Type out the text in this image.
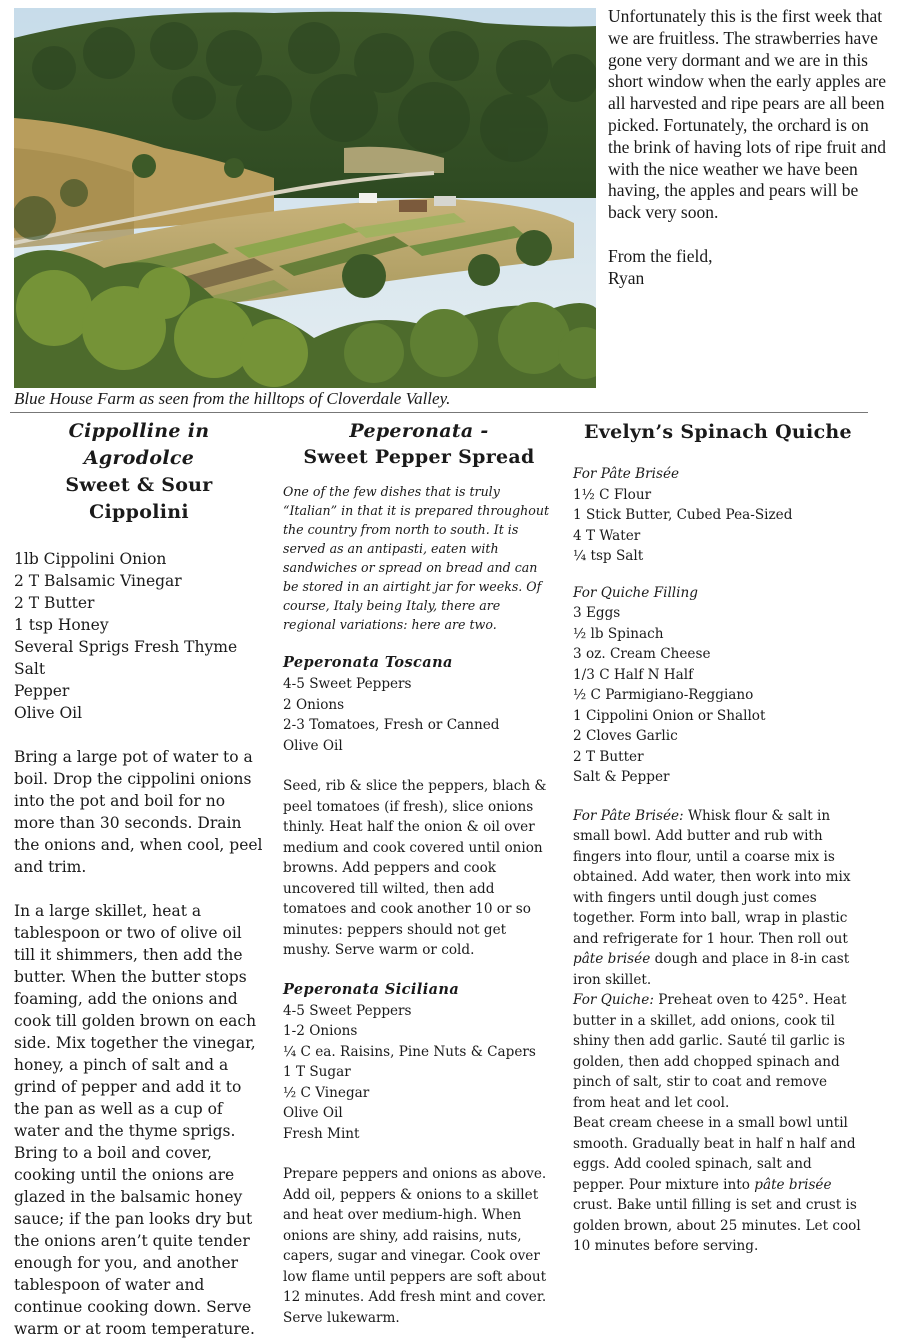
Blue House Farm as seen from the hilltops of Cloverdale Valley.

Unfortunately this is the first week that we are fruitless. The strawberries have gone very dormant and we are in this short window when the early apples are all harvested and ripe pears are all been picked. Fortunately, the orchard is on the brink of having lots of ripe fruit and with the nice weather we have been having, the apples and pears will be back very soon.

From the field,
Ryan
Cippolline in Agrodolce
Sweet & Sour
Cippolini
1lb Cippolini Onion
2 T Balsamic Vinegar
2 T Butter
1 tsp Honey
Several Sprigs Fresh Thyme
Salt
Pepper
Olive Oil

Bring a large pot of water to a boil. Drop the cippolini onions into the pot and boil for no more than 30 seconds. Drain the onions and, when cool, peel and trim.

In a large skillet, heat a tablespoon or two of olive oil till it shimmers, then add the butter. When the butter stops foaming, add the onions and cook till golden brown on each side. Mix together the vinegar, honey, a pinch of salt and a grind of pepper and add it to the pan as well as a cup of water and the thyme sprigs. Bring to a boil and cover, cooking until the onions are glazed in the balsamic honey sauce; if the pan looks dry but the onions aren’t quite tender enough for you, and another tablespoon of water and continue cooking down. Serve warm or at room temperature.

Peperonata -
Sweet Pepper Spread

One of the few dishes that is truly “Italian” in that it is prepared throughout the country from north to south. It is served as an antipasti, eaten with sandwiches or spread on bread and can be stored in an airtight jar for weeks. Of course, Italy being Italy, there are regional variations: here are two.

Peperonata Toscana

4-5 Sweet Peppers
2 Onions
2-3 Tomatoes, Fresh or Canned
Olive Oil

Seed, rib & slice the peppers, blach & peel tomatoes (if fresh), slice onions thinly. Heat half the onion & oil over medium and cook covered until onion browns. Add peppers and cook uncovered till wilted, then add tomatoes and cook another 10 or so minutes: peppers should not get mushy. Serve warm or cold.

Peperonata Siciliana

4-5 Sweet Peppers
1-2 Onions
¼ C ea. Raisins, Pine Nuts & Capers
1 T Sugar
½ C Vinegar
Olive Oil
Fresh Mint

Prepare peppers and onions as above. Add oil, peppers & onions to a skillet and heat over medium-high. When onions are shiny, add raisins, nuts, capers, sugar and vinegar. Cook over low flame until peppers are soft about 12 minutes. Add fresh mint and cover. Serve lukewarm.

Evelyn’s Spinach Quiche
For Pâte Brisée
1½ C Flour
1 Stick Butter, Cubed Pea-Sized
4 T Water
¼ tsp Salt
For Quiche Filling
3 Eggs
½ lb Spinach
3 oz. Cream Cheese
1/3 C Half N Half
½ C Parmigiano-Reggiano
1 Cippolini Onion or Shallot
2 Cloves Garlic
2 T Butter
Salt & Pepper

For Pâte Brisée: Whisk flour & salt in small bowl. Add butter and rub with fingers into flour, until a coarse mix is obtained. Add water, then work into mix with fingers until dough just comes together. Form into ball, wrap in plastic and refrigerate for 1 hour. Then roll out pâte brisée dough and place in 8-in cast iron skillet.

For Quiche: Preheat oven to 425°. Heat butter in a skillet, add onions, cook til shiny then add garlic. Sauté til garlic is golden, then add chopped spinach and pinch of salt, stir to coat and remove from heat and let cool.

Beat cream cheese in a small bowl until smooth. Gradually beat in half n half and eggs. Add cooled spinach, salt and pepper. Pour mixture into pâte brisée crust. Bake until filling is set and crust is golden brown, about 25 minutes. Let cool 10 minutes before serving.
